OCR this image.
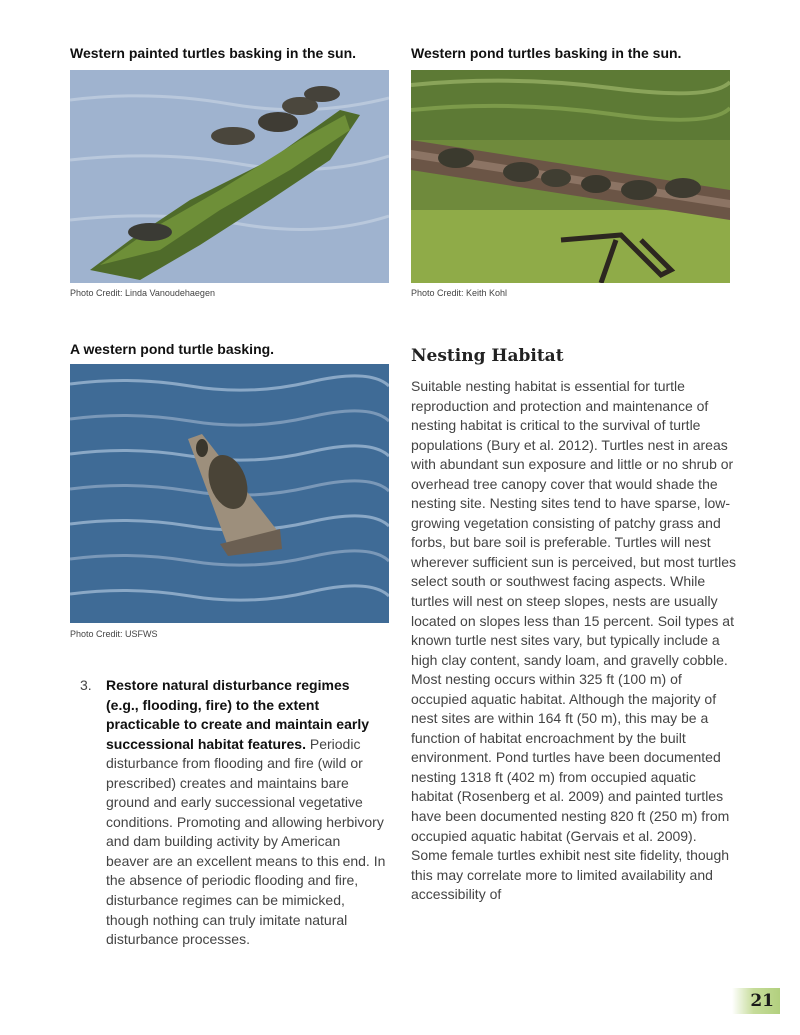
Western painted turtles basking in the sun.

Photo Credit: Linda Vanoudehaegen

Western pond turtles basking in the sun.

Photo Credit: Keith Kohl

A western pond turtle basking.

Photo Credit: USFWS
3. Restore natural disturbance regimes (e.g., flooding, fire) to the extent practicable to create and maintain early successional habitat features. Periodic disturbance from flooding and fire (wild or prescribed) creates and maintains bare ground and early successional vegetative conditions. Promoting and allowing herbivory and dam building activity by American beaver are an excellent means to this end. In the absence of periodic flooding and fire, disturbance regimes can be mimicked, though nothing can truly imitate natural disturbance processes.
Nesting Habitat
Suitable nesting habitat is essential for turtle reproduction and protection and maintenance of nesting habitat is critical to the survival of turtle populations (Bury et al. 2012). Turtles nest in areas with abundant sun exposure and little or no shrub or overhead tree canopy cover that would shade the nesting site. Nesting sites tend to have sparse, low-growing vegetation consisting of patchy grass and forbs, but bare soil is preferable. Turtles will nest wherever sufficient sun is perceived, but most turtles select south or southwest facing aspects. While turtles will nest on steep slopes, nests are usually located on slopes less than 15 percent. Soil types at known turtle nest sites vary, but typically include a high clay content, sandy loam, and gravelly cobble. Most nesting occurs within 325 ft (100 m) of occupied aquatic habitat. Although the majority of nest sites are within 164 ft (50 m), this may be a function of habitat encroachment by the built environment. Pond turtles have been documented nesting 1318 ft (402 m) from occupied aquatic habitat (Rosenberg et al. 2009) and painted turtles have been documented nesting 820 ft (250 m) from occupied aquatic habitat (Gervais et al. 2009). Some female turtles exhibit nest site fidelity, though this may correlate more to limited availability and accessibility of
21
